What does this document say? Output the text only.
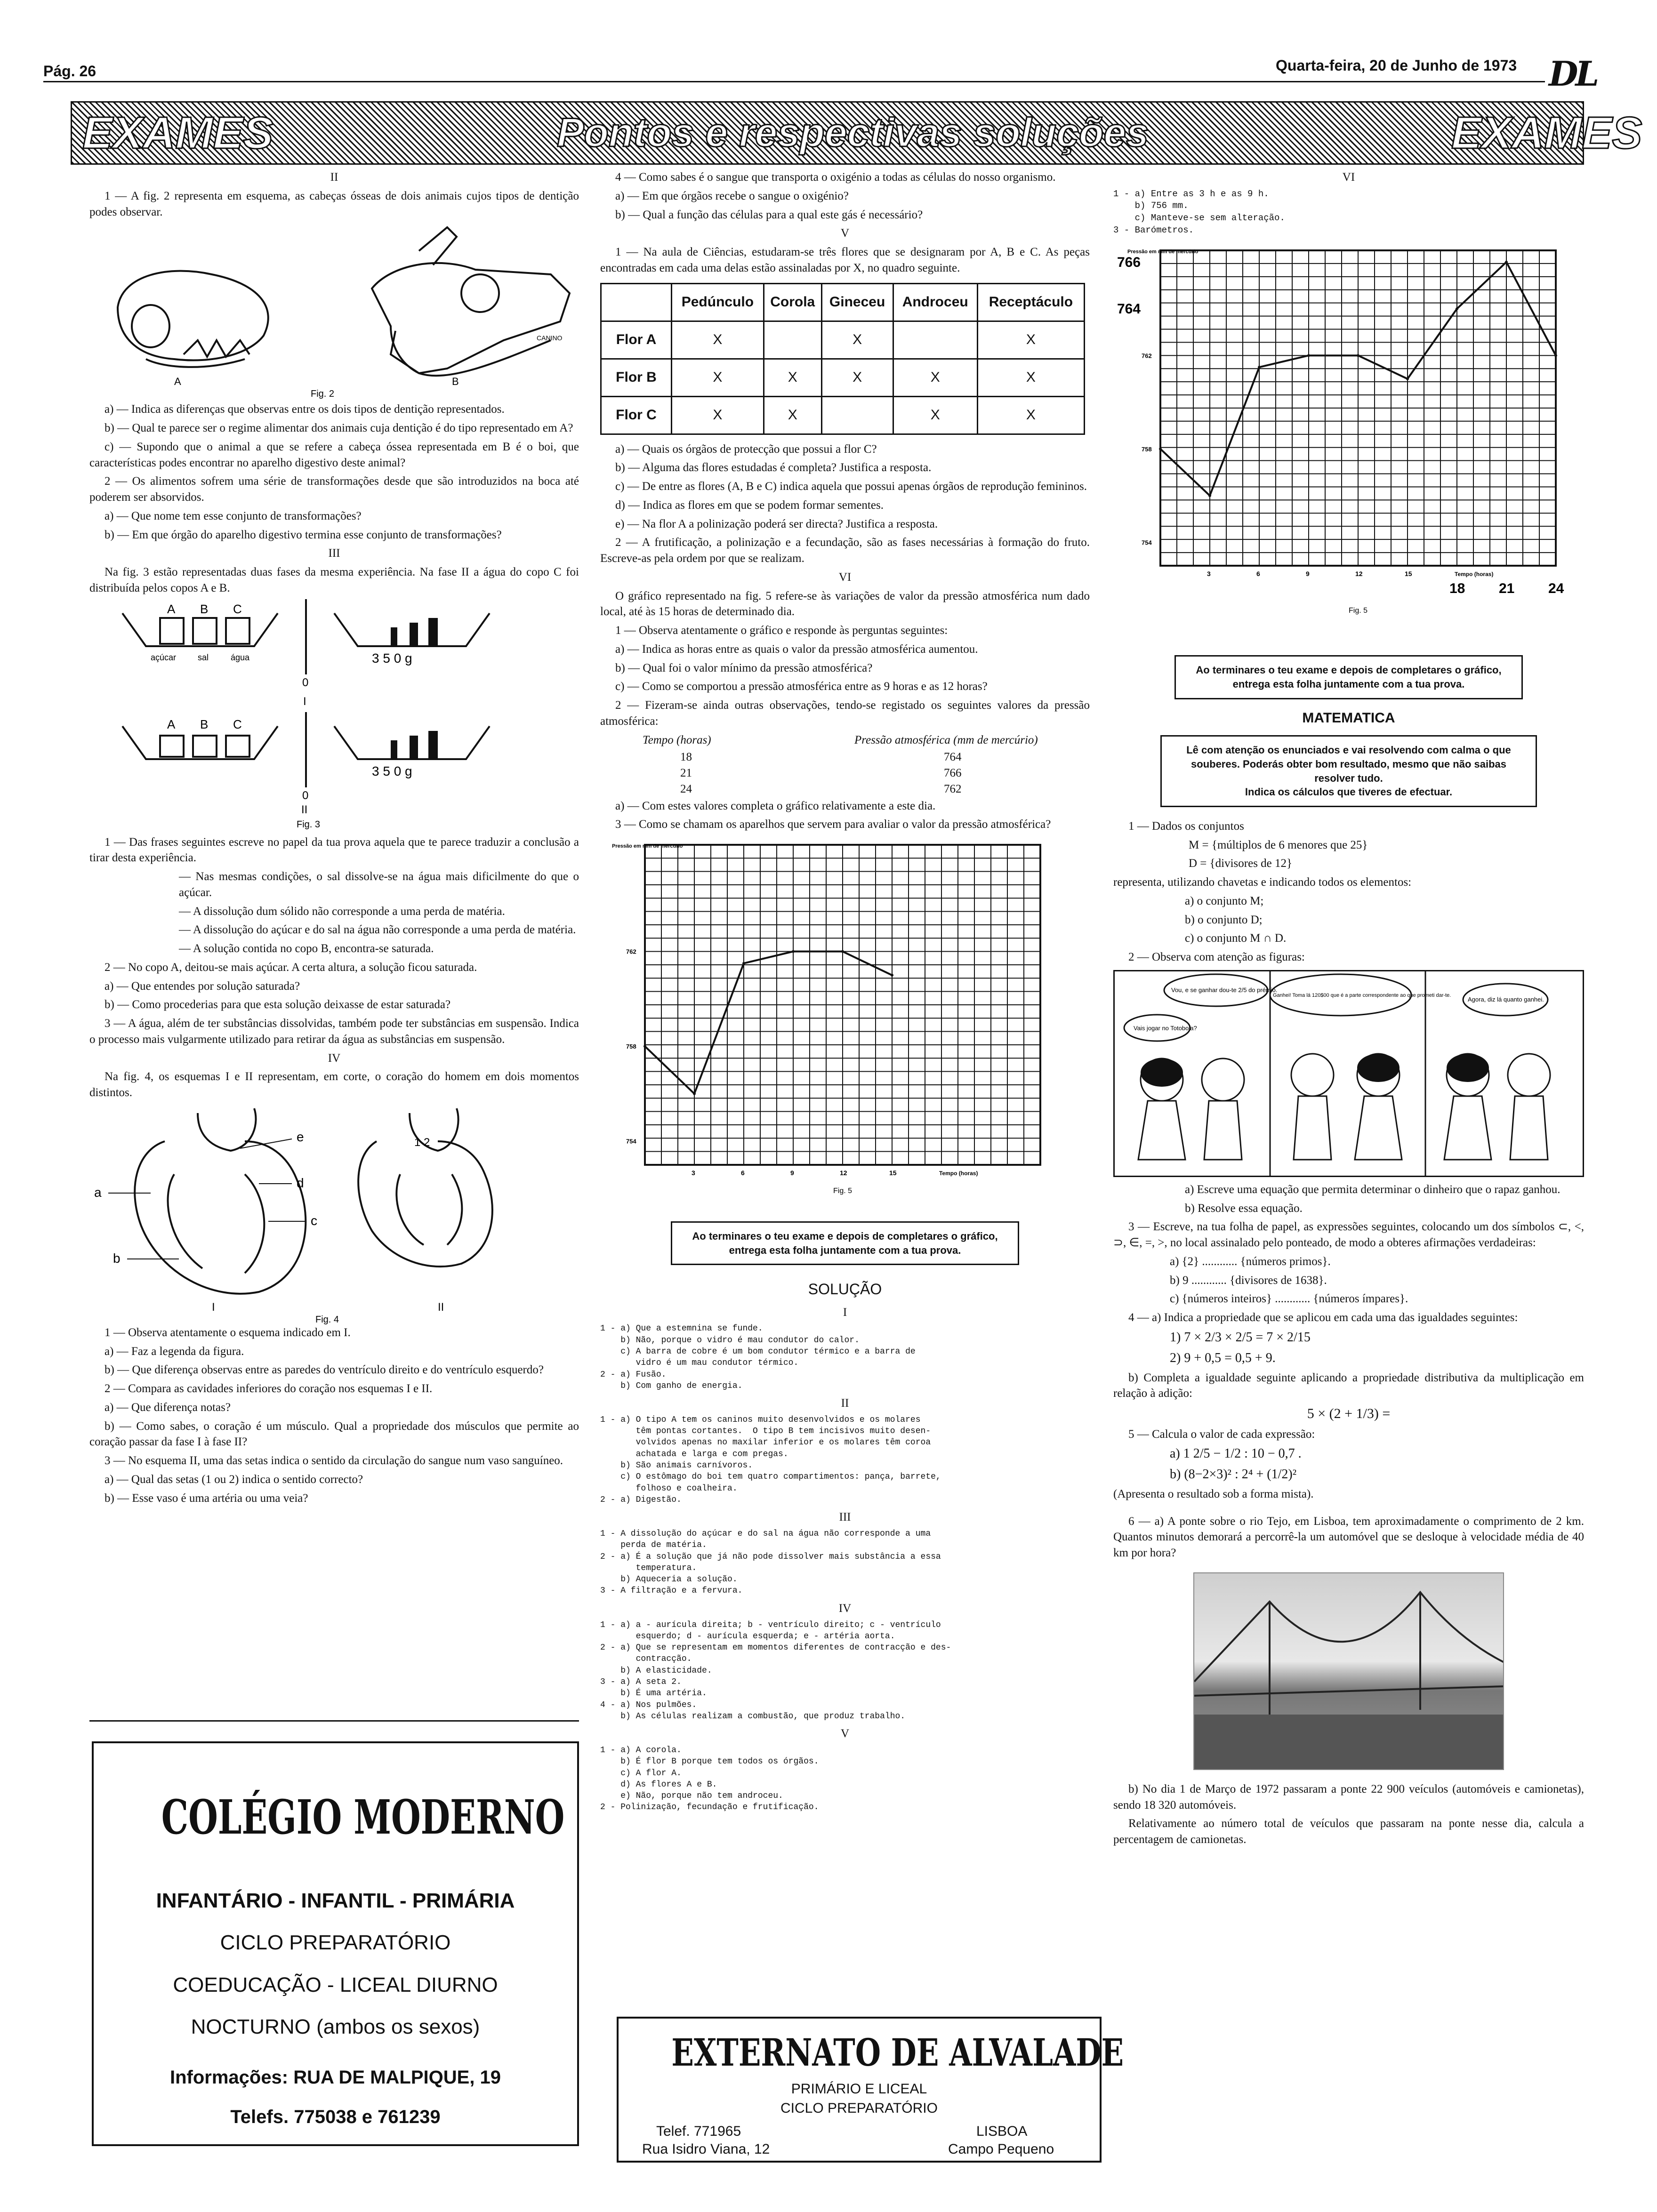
Pág. 26	Quarta-feira, 20 de Junho de 1973 DL
EXAMES	Pontos e respectivas soluções	EXAMES

II

1 — A fig. 2 representa em esquema, as cabeças ósseas de dois animais cujos tipos de dentição podes observar.

A	B
CANINO
Fig. 2

a) — Indica as diferenças que observas entre os dois tipos de dentição representados.

b) — Qual te parece ser o regime alimentar dos animais cuja dentição é do tipo representado em A?

c) — Supondo que o animal a que se refere a cabeça óssea representada em B é o boi, que características podes encontrar no aparelho digestivo deste animal?

2 — Os alimentos sofrem uma série de transformações desde que são introduzidos na boca até poderem ser absorvidos.

a) — Que nome tem esse conjunto de transformações?

b) — Em que órgão do aparelho digestivo termina esse conjunto de transformações?

III

Na fig. 3 estão representadas duas fases da mesma experiência. Na fase II a água do copo C foi distribuída pelos copos A e B.

A B C
açúcar	sal	água	3 5 0 g
0
I
A B C
3 5 0 g
0
II
Fig. 3

1 — Das frases seguintes escreve no papel da tua prova aquela que te parece traduzir a conclusão a tirar desta experiência.

— Nas mesmas condições, o sal dissolve-se na água mais dificilmente do que o açúcar.

— A dissolução dum sólido não corresponde a uma perda de matéria.

— A dissolução do açúcar e do sal na água não corresponde a uma perda de matéria.

— A solução contida no copo B, encontra-se saturada.

2 — No copo A, deitou-se mais açúcar. A certa altura, a solução ficou saturada.

a) — Que entendes por solução saturada?

b) — Como procederias para que esta solução deixasse de estar saturada?

3 — A água, além de ter substâncias dissolvidas, também pode ter substâncias em suspensão. Indica o processo mais vulgarmente utilizado para retirar da água as substâncias em suspensão.

IV

Na fig. 4, os esquemas I e II representam, em corte, o coração do homem em dois momentos distintos.

a
b
c
d
e	1 2
I	II
Fig. 4

1 — Observa atentamente o esquema indicado em I.

a) — Faz a legenda da figura.

b) — Que diferença observas entre as paredes do ventrículo direito e do ventrículo esquerdo?

2 — Compara as cavidades inferiores do coração nos esquemas I e II.

a) — Que diferença notas?

b) — Como sabes, o coração é um músculo. Qual a propriedade dos músculos que permite ao coração passar da fase I à fase II?

3 — No esquema II, uma das setas indica o sentido da circulação do sangue num vaso sanguíneo.

a) — Qual das setas (1 ou 2) indica o sentido correcto?

b) — Esse vaso é uma artéria ou uma veia?

COLÉGIO MODERNO
INFANTÁRIO - INFANTIL - PRIMÁRIA
CICLO PREPARATÓRIO
COEDUCAÇÃO - LICEAL DIURNO
NOCTURNO (ambos os sexos)
Informações: RUA DE MALPIQUE, 19
Telefs. 775038 e 761239

4 — Como sabes é o sangue que transporta o oxigénio a todas as células do nosso organismo.

a) — Em que órgãos recebe o sangue o oxigénio?

b) — Qual a função das células para a qual este gás é necessário?

V

1 — Na aula de Ciências, estudaram-se três flores que se designaram por A, B e C. As peças encontradas em cada uma delas estão assinaladas por X, no quadro seguinte.

	Pedúnculo	Corola	Gineceu	Androceu	Receptáculo
Flor A	X		X		X
Flor B	X	X	X	X	X
Flor C	X	X		X	X

a) — Quais os órgãos de protecção que possui a flor C?

b) — Alguma das flores estudadas é completa? Justifica a resposta.

c) — De entre as flores (A, B e C) indica aquela que possui apenas órgãos de reprodução femininos.

d) — Indica as flores em que se podem formar sementes.

e) — Na flor A a polinização poderá ser directa? Justifica a resposta.

2 — A frutificação, a polinização e a fecundação, são as fases necessárias à formação do fruto. Escreve-as pela ordem por que se realizam.

VI

O gráfico representado na fig. 5 refere-se às variações de valor da pressão atmosférica num dado local, até às 15 horas de determinado dia.

1 — Observa atentamente o gráfico e responde às perguntas seguintes:

a) — Indica as horas entre as quais o valor da pressão atmosférica aumentou.

b) — Qual foi o valor mínimo da pressão atmosférica?

c) — Como se comportou a pressão atmosférica entre as 9 horas e as 12 horas?

2 — Fizeram-se ainda outras observações, tendo-se registado os seguintes valores da pressão atmosférica:

Tempo (horas)	Pressão atmosférica (mm de mercúrio)
18	764
21	766
24	762

a) — Com estes valores completa o gráfico relativamente a este dia.

3 — Como se chamam os aparelhos que servem para avaliar o valor da pressão atmosférica?

Pressão em mm de mercúrio
3	6	9	12	15
754
758
762
Tempo (horas)
Fig. 5
Ao terminares o teu exame e depois de completares o gráfico, entrega esta folha juntamente com a tua prova.

SOLUÇÃO

I

1 - a) Que a estemnina se funde.
b) Não, porque o vidro é mau condutor do calor.
c) A barra de cobre é um bom condutor térmico e a barra de
vidro é um mau condutor térmico.
2 - a) Fusão.
b) Com ganho de energia.

II

1 - a) O tipo A tem os caninos muito desenvolvidos e os molares
têm pontas cortantes.  O tipo B tem incisivos muito desen-
volvidos apenas no maxilar inferior e os molares têm coroa
achatada e larga e com pregas.
b) São animais carnívoros.
c) O estômago do boi tem quatro compartimentos: pança, barrete,
folhoso e coalheira.
2 - a) Digestão.

III

1 - A dissolução do açúcar e do sal na água não corresponde a uma
perda de matéria.
2 - a) É a solução que já não pode dissolver mais substância a essa
temperatura.
b) Aqueceria a solução.
3 - A filtração e a fervura.

IV

1 - a) a - aurícula direita; b - ventrículo direito; c - ventrículo
esquerdo; d - aurícula esquerda; e - artéria aorta.
2 - a) Que se representam em momentos diferentes de contracção e des-
contracção.
b) A elasticidade.
3 - a) A seta 2.
b) É uma artéria.
4 - a) Nos pulmões.
b) As células realizam a combustão, que produz trabalho.

V

1 - a) A corola.
b) É flor B porque tem todos os órgãos.
c) A flor A.
d) As flores A e B.
e) Não, porque não tem androceu.
2 - Polinização, fecundação e frutificação.
EXTERNATO DE ALVALADE
PRIMÁRIO E LICEAL
CICLO PREPARATÓRIO
Telef. 771965	LISBOA
Rua Isidro Viana, 12	Campo Pequeno

VI

1 - a) Entre as 3 h e as 9 h.
b) 756 mm.
c) Manteve-se sem alteração.
3 - Barómetros.
Pressão em mm de mercúrio
3	6	9	12	15
18 21 24
754
758
762
764
766
Tempo (horas)
Fig. 5
Ao terminares o teu exame e depois de completares o gráfico, entrega esta folha juntamente com a tua prova.

MATEMATICA

Lê com atenção os enunciados e vai resolvendo com calma o que souberes. Poderás obter bom resultado, mesmo que não saibas resolver tudo.
Indica os cálculos que tiveres de efectuar.

1 — Dados os conjuntos

M = {múltiplos de 6 menores que 25}

D = {divisores de 12}

representa, utilizando chavetas e indicando todos os elementos:

a) o conjunto M;

b) o conjunto D;

c) o conjunto M ∩ D.

2 — Observa com atenção as figuras:

Vais jogar no Totobola?
Vou, e se ganhar dou-te 2/5 do prémio.
Ganhei! Toma lá 120$00 que é a parte correspondente ao que prometi dar-te.
Agora, diz lá quanto ganhei.

a) Escreve uma equação que permita determinar o dinheiro que o rapaz ganhou.

b) Resolve essa equação.

3 — Escreve, na tua folha de papel, as expressões seguintes, colocando um dos símbolos ⊂, <, ⊃, ∈, =, >, no local assinalado pelo ponteado, de modo a obteres afirmações verdadeiras:

a) {2} ............ {números primos}.

b) 9 ............ {divisores de 1638}.

c) {números inteiros} ............ {números ímpares}.

4 — a) Indica a propriedade que se aplicou em cada uma das igualdades seguintes:

1) 7 × 2/3 × 2/5 = 7 × 2/15

2) 9 + 0,5 = 0,5 + 9.

b) Completa a igualdade seguinte aplicando a propriedade distributiva da multiplicação em relação à adição:

5 × (2 + 1/3) =

5 — Calcula o valor de cada expressão:

a) 1 2/5 − 1/2 : 10 − 0,7 .

b) (8−2×3)² : 2⁴ + (1/2)²

(Apresenta o resultado sob a forma mista).

6 — a) A ponte sobre o rio Tejo, em Lisboa, tem aproximadamente o comprimento de 2 km. Quantos minutos demorará a percorrê-la um automóvel que se desloque à velocidade média de 40 km por hora?

b) No dia 1 de Março de 1972 passaram a ponte 22 900 veículos (automóveis e camionetas), sendo 18 320 automóveis.

Relativamente ao número total de veículos que passaram na ponte nesse dia, calcula a percentagem de camionetas.
